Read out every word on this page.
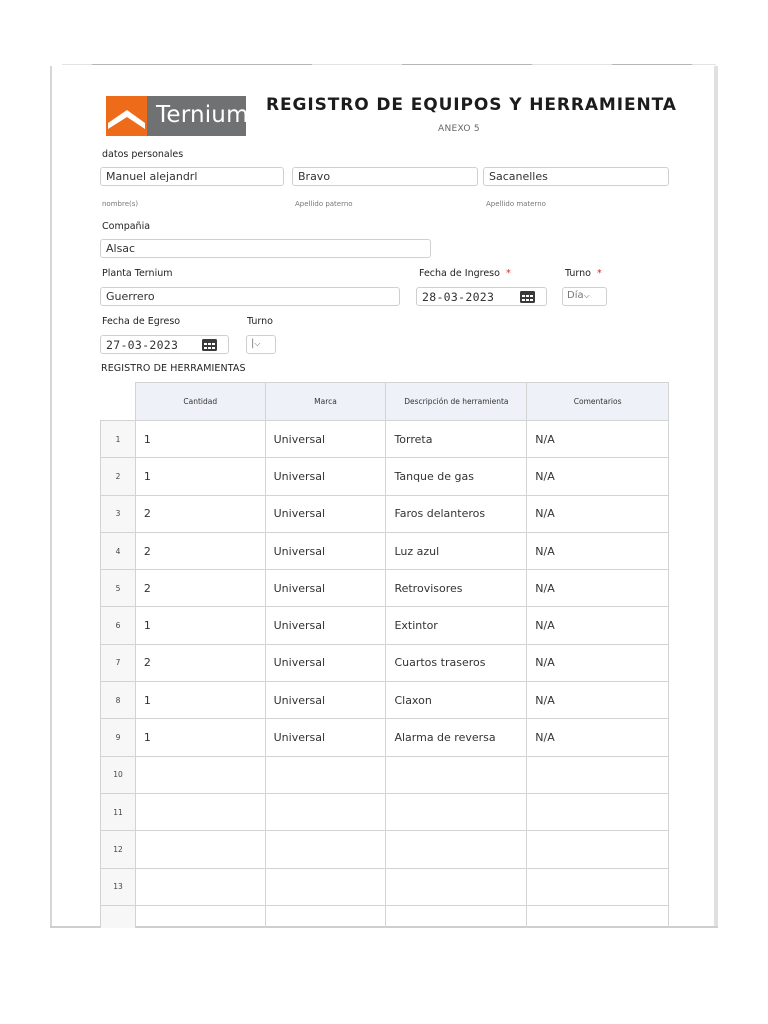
Ternium REGISTRO DE EQUIPOS Y HERRAMIENTA
ANEXO 5
datos personales
Manuel alejandrl	Bravo	Sacanelles
nombre(s)	Apellido paterno	Apellido materno
Compañia
Alsac
Planta Ternium
Guerrero
Fecha de Ingreso *
28-03-2023
Turno *
Día⌵
Fecha de Egreso
27-03-2023
Turno
|⌵
REGISTRO DE HERRAMIENTAS
	Cantidad	Marca	Descripción de herramienta	Comentarios
1	1	Universal	Torreta	N/A
2	1	Universal	Tanque de gas	N/A
3	2	Universal	Faros delanteros	N/A
4	2	Universal	Luz azul	N/A
5	2	Universal	Retrovisores	N/A
6	1	Universal	Extintor	N/A
7	2	Universal	Cuartos traseros	N/A
8	1	Universal	Claxon	N/A
9	1	Universal	Alarma de reversa	N/A
10				
11				
12				
13				
